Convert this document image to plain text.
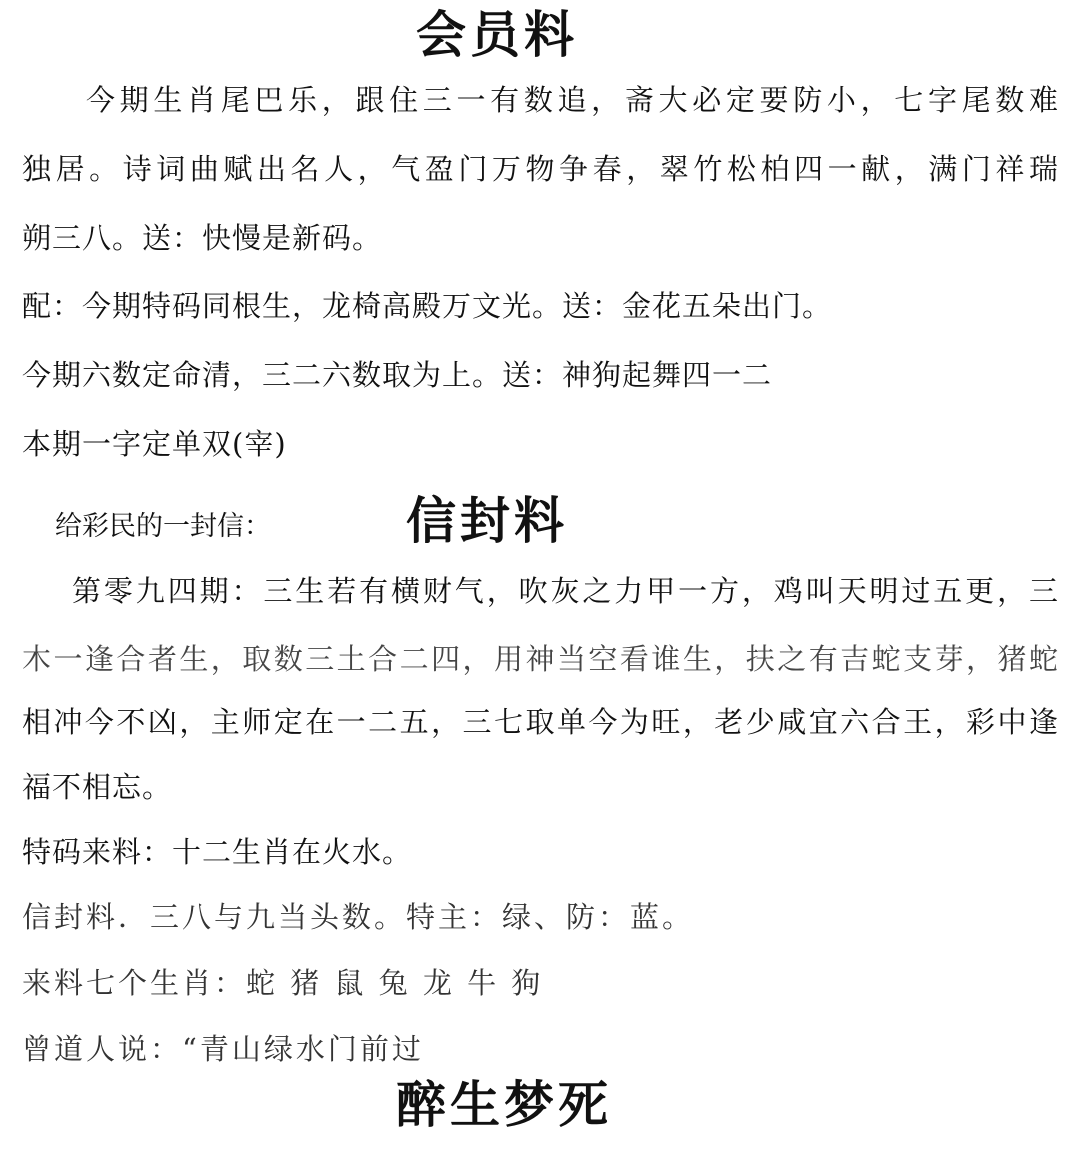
会员料
今期生肖尾巴乐，跟住三一有数追，斋大必定要防小，七字尾数难
独居。诗词曲赋出名人，气盈门万物争春，翠竹松柏四一献，满门祥瑞
朔三八。送：快慢是新码。
配：今期特码同根生，龙椅高殿万文光。送：金花五朵出门。
今期六数定命清，三二六数取为上。送：神狗起舞四一二
本期一字定单双(宰)
给彩民的一封信：	信封料
第零九四期：三生若有横财气，吹灰之力甲一方，鸡叫天明过五更，三
木一逢合者生，取数三土合二四，用神当空看谁生，扶之有吉蛇支芽，猪蛇
相冲今不凶，主师定在一二五，三七取单今为旺，老少咸宜六合王，彩中逢
福不相忘。
特码来料：十二生肖在火水。
信封料．三八与九当头数。特主：绿、防：蓝。
来料七个生肖：蛇 猪 鼠 兔 龙 牛 狗
曾道人说：“青山绿水门前过
醉生梦死
